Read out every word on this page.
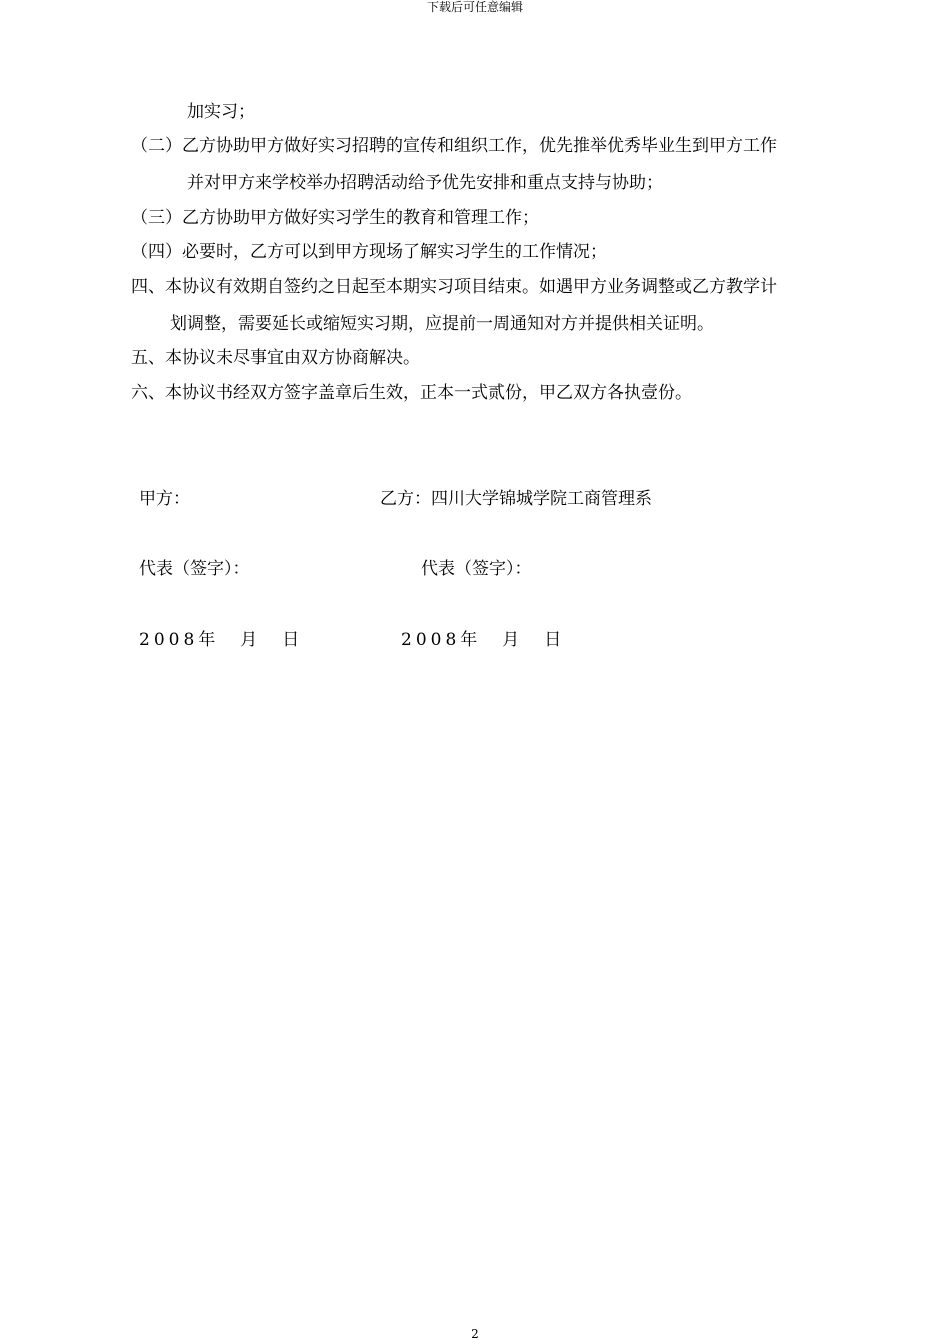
下载后可任意编辑
加实习；
（二）乙方协助甲方做好实习招聘的宣传和组织工作，优先推举优秀毕业生到甲方工作
并对甲方来学校举办招聘活动给予优先安排和重点支持与协助；
（三）乙方协助甲方做好实习学生的教育和管理工作；
（四）必要时，乙方可以到甲方现场了解实习学生的工作情况；
四、本协议有效期自签约之日起至本期实习项目结束。如遇甲方业务调整或乙方教学计
划调整，需要延长或缩短实习期，应提前一周通知对方并提供相关证明。
五、本协议未尽事宜由双方协商解决。
六、本协议书经双方签字盖章后生效，正本一式贰份，甲乙双方各执壹份。
甲方：	乙方：四川大学锦城学院工商管理系
代表（签字）：	代表（签字）：
2008年　月　日	2008年　月　日
2
